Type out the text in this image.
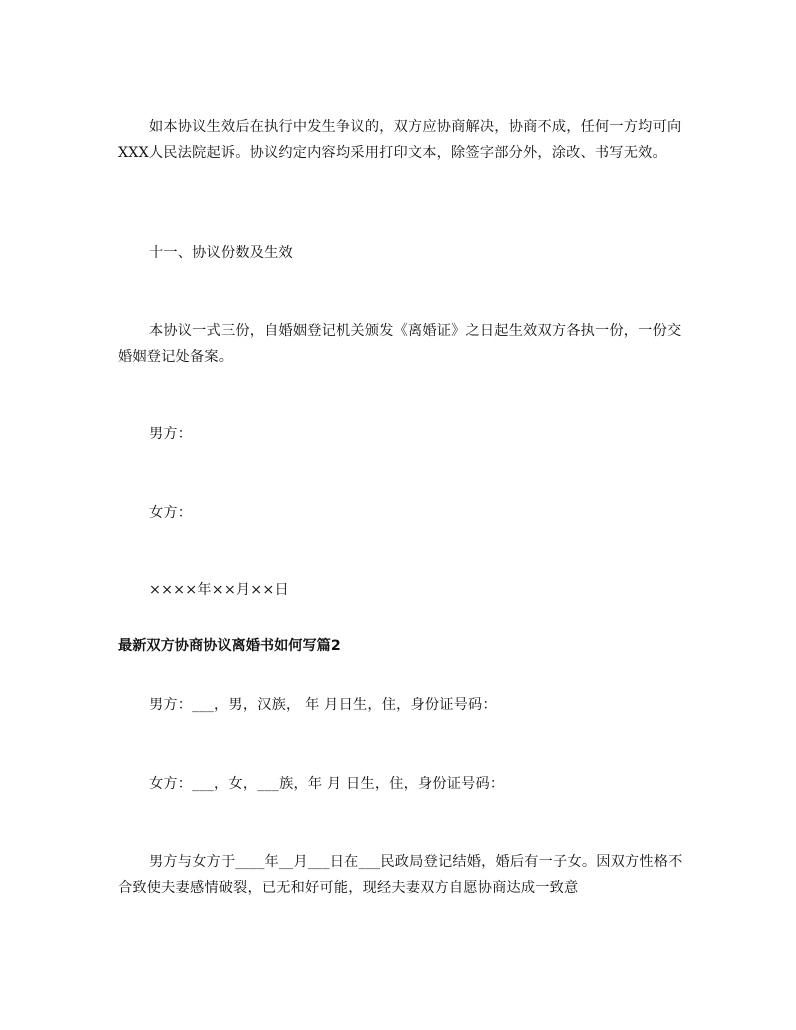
如本协议生效后在执行中发生争议的，双方应协商解决，协商不成，任何一方均可向XXX人民法院起诉。协议约定内容均采用打印文本，除签字部分外，涂改、书写无效。

十一、协议份数及生效

本协议一式三份，自婚姻登记机关颁发《离婚证》之日起生效双方各执一份，一份交婚姻登记处备案。

男方：

女方：

××××年××月××日

最新双方协商协议离婚书如何写篇2

男方：___，男，汉族， 年 月日生，住，身份证号码：

女方：___，女，___族，年 月 日生，住，身份证号码：

男方与女方于____年__月___日在___民政局登记结婚，婚后有一子女。因双方性格不合致使夫妻感情破裂，已无和好可能，现经夫妻双方自愿协商达成一致意
